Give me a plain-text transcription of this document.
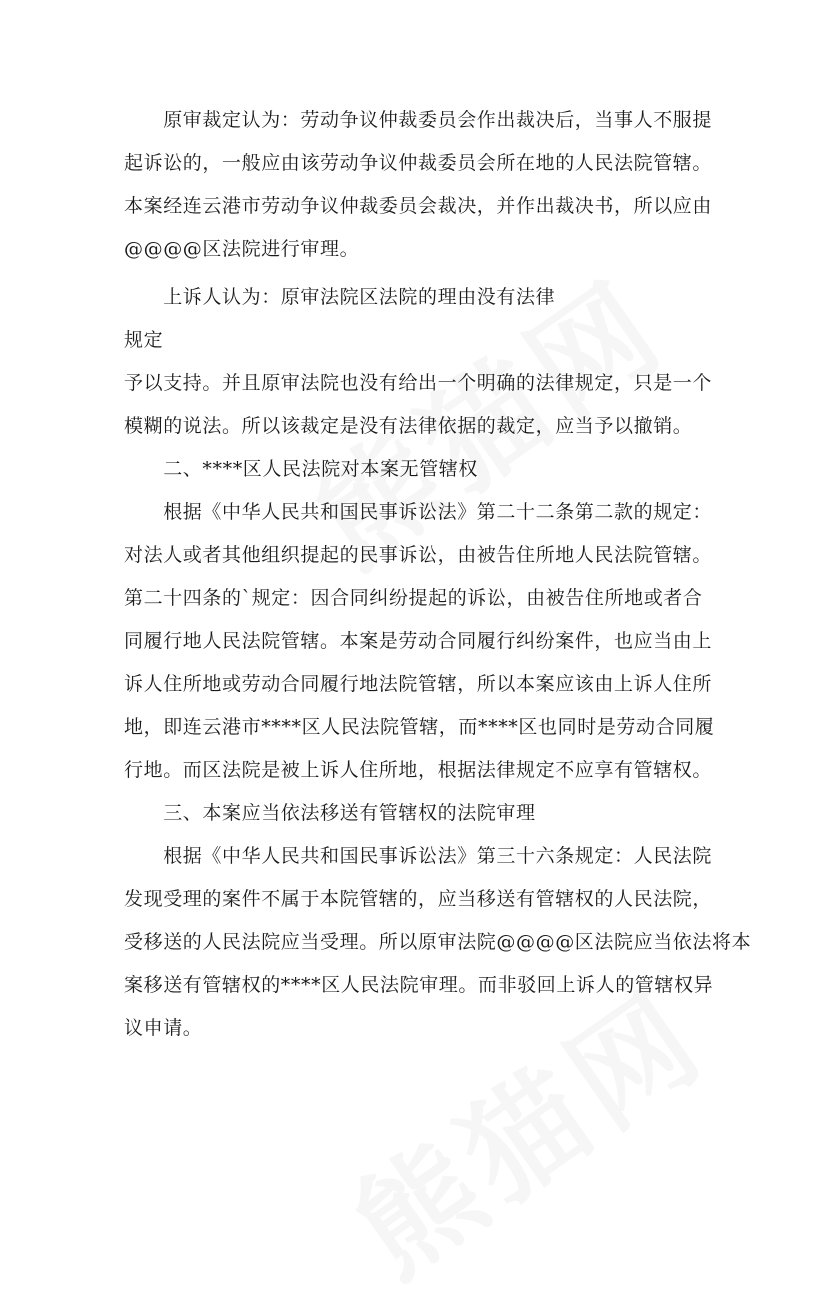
　　原审裁定认为：劳动争议仲裁委员会作出裁决后，当事人不服提
起诉讼的，一般应由该劳动争议仲裁委员会所在地的人民法院管辖。
本案经连云港市劳动争议仲裁委员会裁决，并作出裁决书，所以应由
@@@@区法院进行审理。
　　上诉人认为：原审法院区法院的理由没有法律
规定
予以支持。并且原审法院也没有给出一个明确的法律规定，只是一个
模糊的说法。所以该裁定是没有法律依据的裁定，应当予以撤销。
　　二、****区人民法院对本案无管辖权
　　根据《中华人民共和国民事诉讼法》第二十二条第二款的规定：
对法人或者其他组织提起的民事诉讼，由被告住所地人民法院管辖。
第二十四条的`规定：因合同纠纷提起的诉讼，由被告住所地或者合
同履行地人民法院管辖。本案是劳动合同履行纠纷案件，也应当由上
诉人住所地或劳动合同履行地法院管辖，所以本案应该由上诉人住所
地，即连云港市****区人民法院管辖，而****区也同时是劳动合同履
行地。而区法院是被上诉人住所地，根据法律规定不应享有管辖权。
　　三、本案应当依法移送有管辖权的法院审理
　　根据《中华人民共和国民事诉讼法》第三十六条规定：人民法院
发现受理的案件不属于本院管辖的，应当移送有管辖权的人民法院，
受移送的人民法院应当受理。所以原审法院@@@@区法院应当依法将本
案移送有管辖权的****区人民法院审理。而非驳回上诉人的管辖权异
议申请。
